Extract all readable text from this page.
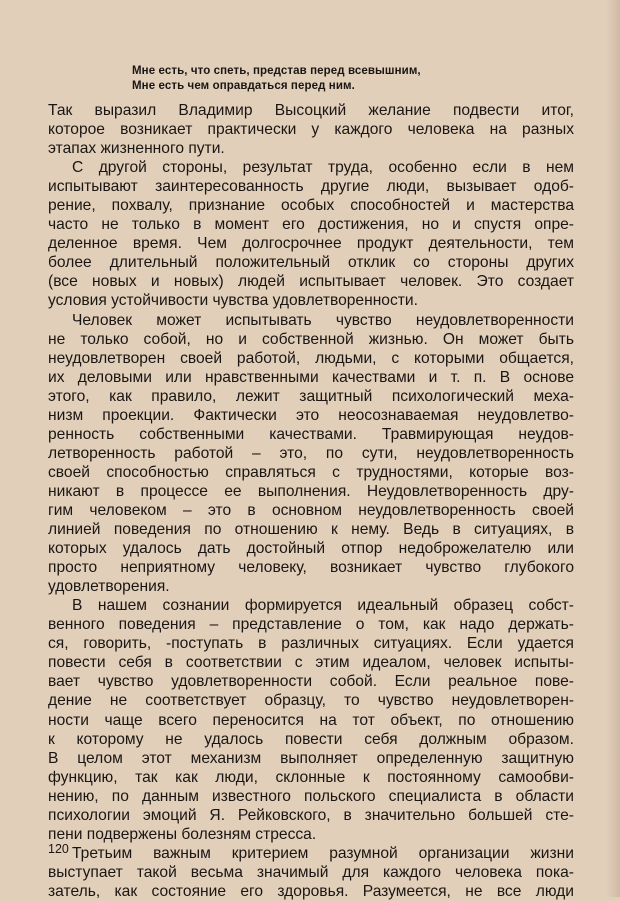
Мне есть, что спеть, представ перед всевышним,
Мне есть чем оправдаться перед ним.
Так выразил Владимир Высоцкий желание подвести итог,
которое возникает практически у каждого человека на разных
этапах жизненного пути.
С другой стороны, результат труда, особенно если в нем
испытывают заинтересованность другие люди, вызывает одоб-
рение, похвалу, признание особых способностей и мастерства
часто не только в момент его достижения, но и спустя опре-
деленное время. Чем долгосрочнее продукт деятельности, тем
более длительный положительный отклик со стороны других
(все новых и новых) людей испытывает человек. Это создает
условия устойчивости чувства удовлетворенности.
Человек может испытывать чувство неудовлетворенности
не только собой, но и собственной жизнью. Он может быть
неудовлетворен своей работой, людьми, с которыми общается,
их деловыми или нравственными качествами и т. п. В основе
этого, как правило, лежит защитный психологический меха-
низм проекции. Фактически это неосознаваемая неудовлетво-
ренность собственными качествами. Травмирующая неудов-
летворенность работой – это, по сути, неудовлетворенность
своей способностью справляться с трудностями, которые воз-
никают в процессе ее выполнения. Неудовлетворенность дру-
гим человеком – это в основном неудовлетворенность своей
линией поведения по отношению к нему. Ведь в ситуациях, в
которых удалось дать достойный отпор недоброжелателю или
просто неприятному человеку, возникает чувство глубокого
удовлетворения.
В нашем сознании формируется идеальный образец собст-
венного поведения – представление о том, как надо держать-
ся, говорить, -поступать в различных ситуациях. Если удается
повести себя в соответствии с этим идеалом, человек испыты-
вает чувство удовлетворенности собой. Если реальное пове-
дение не соответствует образцу, то чувство неудовлетворен-
ности чаще всего переносится на тот объект, по отношению
к которому не удалось повести себя должным образом.
В целом этот механизм выполняет определенную защитную
функцию, так как люди, склонные к постоянному самообви-
нению, по данным известного польского специалиста в области
психологии эмоций Я. Рейковского, в значительно большей сте-
пени подвержены болезням стресса.
Третьим важным критерием разумной организации жизни
выступает такой весьма значимый для каждого человека пока-
затель, как состояние его здоровья. Разумеется, не все люди
120
